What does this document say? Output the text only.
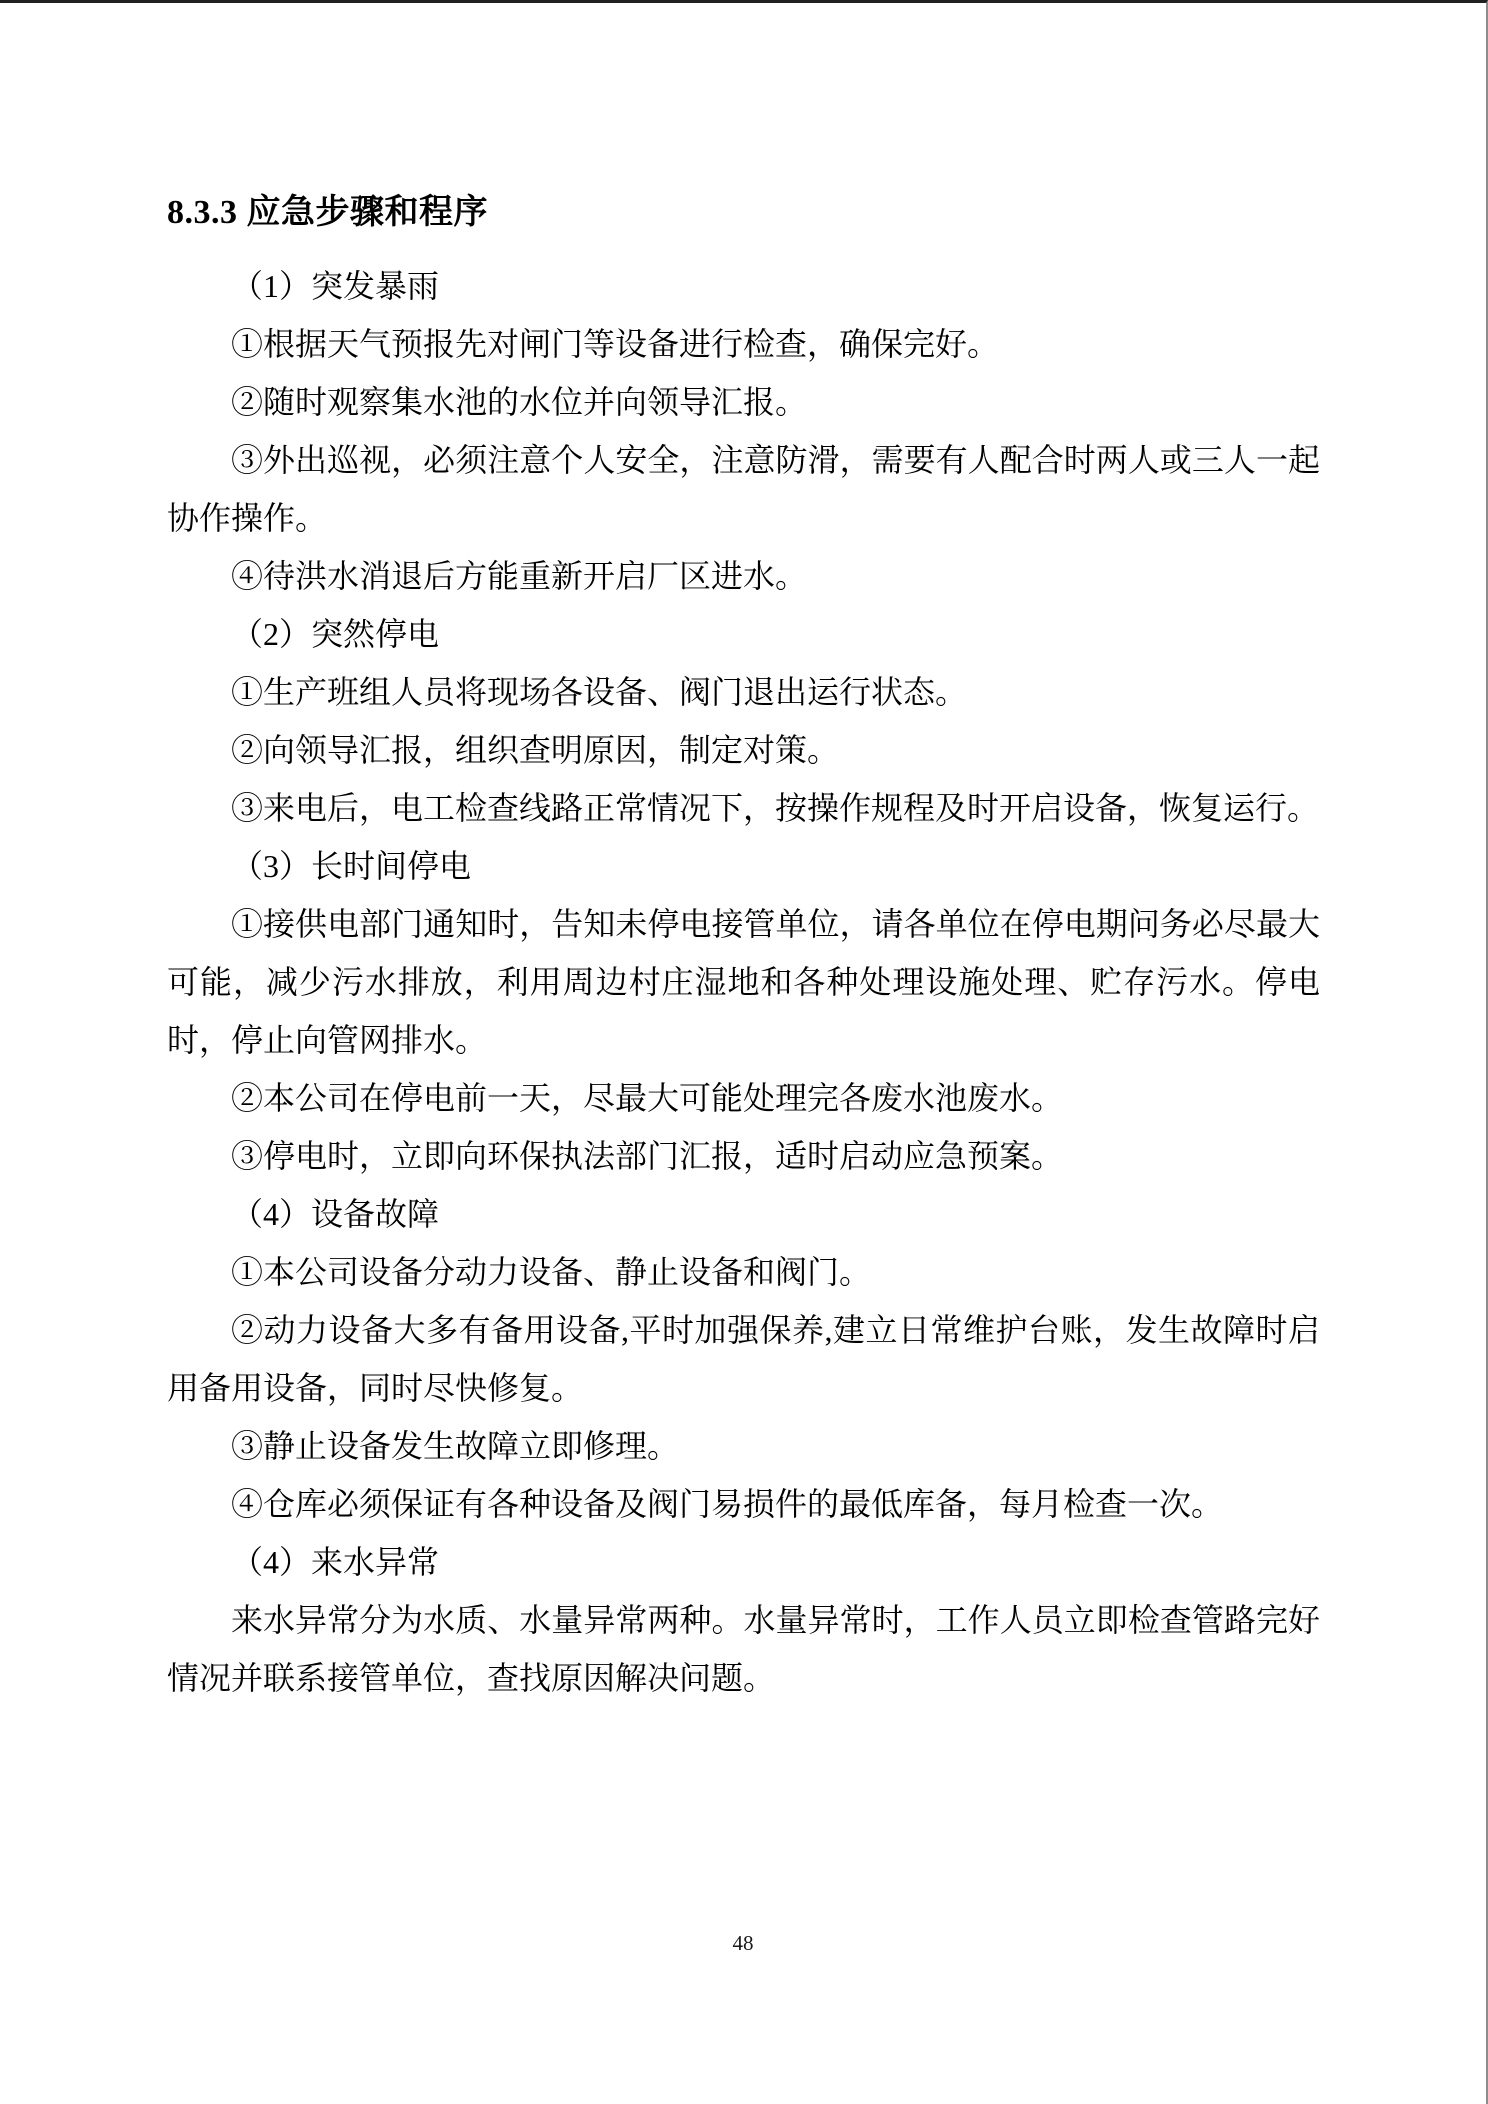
8.3.3 应急步骤和程序

（1）突发暴雨

①根据天气预报先对闸门等设备进行检查，确保完好。

②随时观察集水池的水位并向领导汇报。

③外出巡视，必须注意个人安全，注意防滑，需要有人配合时两人或三人一起协作操作。

④待洪水消退后方能重新开启厂区进水。

（2）突然停电

①生产班组人员将现场各设备、阀门退出运行状态。

②向领导汇报，组织查明原因，制定对策。

③来电后，电工检查线路正常情况下，按操作规程及时开启设备，恢复运行。

（3）长时间停电

①接供电部门通知时，告知未停电接管单位，请各单位在停电期问务必尽最大可能，减少污水排放，利用周边村庄湿地和各种处理设施处理、贮存污水。停电时，停止向管网排水。

②本公司在停电前一天，尽最大可能处理完各废水池废水。

③停电时，立即向环保执法部门汇报，适时启动应急预案。

（4）设备故障

①本公司设备分动力设备、静止设备和阀门。

②动力设备大多有备用设备,平时加强保养,建立日常维护台账，发生故障时启用备用设备，同时尽快修复。

③静止设备发生故障立即修理。

④仓库必须保证有各种设备及阀门易损件的最低库备，每月检查一次。

（4）来水异常

来水异常分为水质、水量异常两种。水量异常时，工作人员立即检查管路完好情况并联系接管单位，查找原因解决问题。

48
